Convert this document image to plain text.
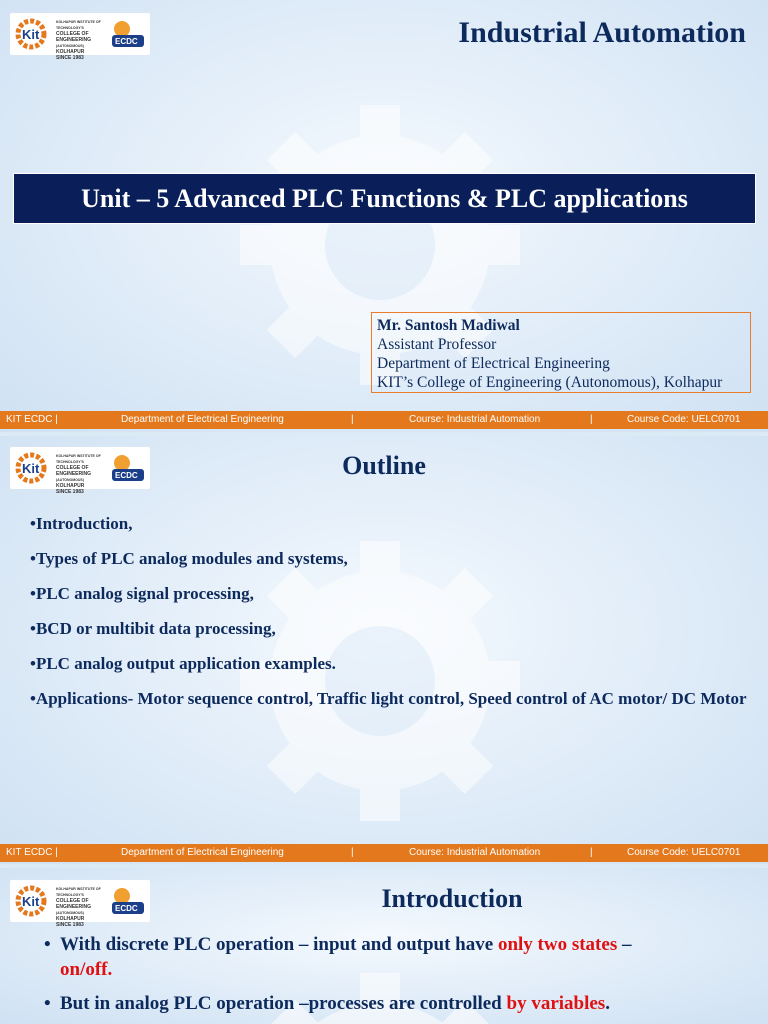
Kit
KOLHAPUR INSTITUTE OF TECHNOLOGY'S
COLLEGE OF
ENGINEERING
(AUTONOMOUS)
KOLHAPUR
SINCE 1983
ECDC	Industrial Automation
Unit – 5 Advanced PLC Functions & PLC applications
Mr. Santosh Madiwal
Assistant Professor
Department of Electrical Engineering
KIT’s College of Engineering (Autonomous), Kolhapur
KIT ECDC |	Department of Electrical Engineering	|	Course: Industrial Automation	|	Course Code: UELC0701
Kit
KOLHAPUR INSTITUTE OF TECHNOLOGY'S
COLLEGE OF
ENGINEERING
(AUTONOMOUS)
KOLHAPUR
SINCE 1983
ECDC	Outline
•Introduction,
•Types of PLC analog modules and systems,
•PLC analog signal processing,
•BCD or multibit data processing,
•PLC analog output application examples.
•Applications- Motor sequence control, Traffic light control, Speed control of AC motor/ DC Motor
KIT ECDC |	Department of Electrical Engineering	|	Course: Industrial Automation	|	Course Code: UELC0701
Kit
KOLHAPUR INSTITUTE OF TECHNOLOGY'S
COLLEGE OF
ENGINEERING
(AUTONOMOUS)
KOLHAPUR
SINCE 1983
ECDC	Introduction
• With discrete PLC operation – input and output have only two states –
on/off.
• But in analog PLC operation –processes are controlled by variables.
